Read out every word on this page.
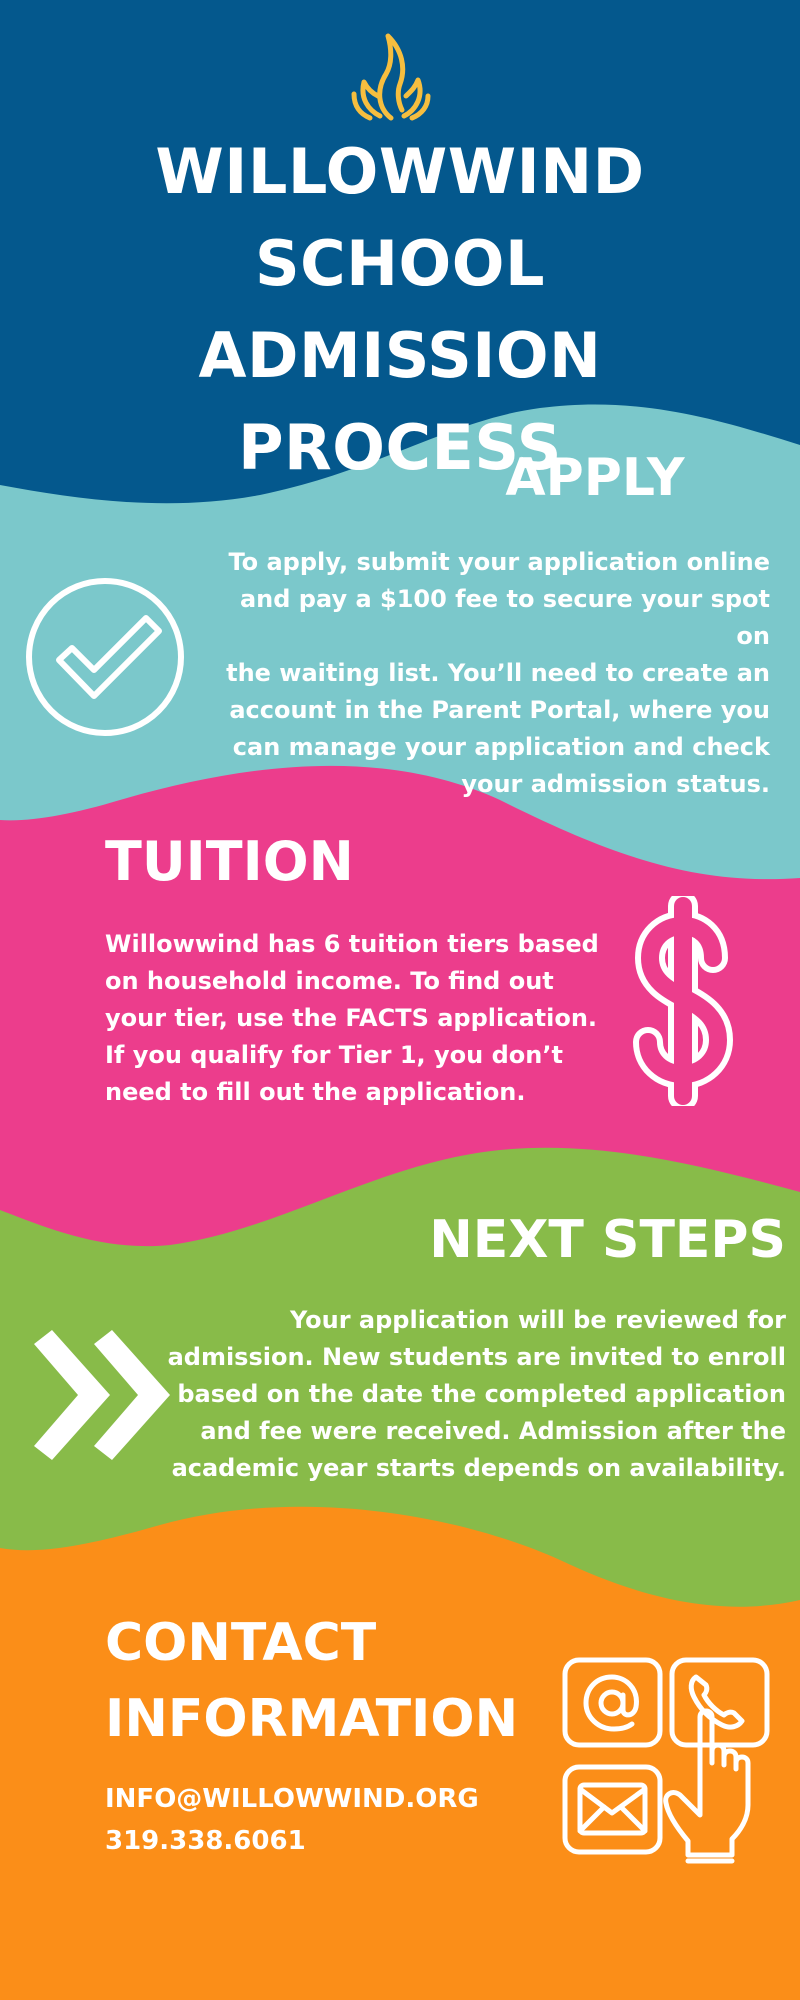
WILLOWWIND SCHOOL
ADMISSION
PROCESS
APPLY
To apply, submit your application online
and pay a $100 fee to secure your spot on
the waiting list. You’ll need to create an
account in the Parent Portal, where you
can manage your application and check
your admission status.
TUITION
Willowwind has 6 tuition tiers based
on household income. To find out
your tier, use the FACTS application.
If you qualify for Tier 1, you don’t
need to fill out the application.
NEXT STEPS
Your application will be reviewed for
admission. New students are invited to enroll
based on the date the completed application
and fee were received. Admission after the
academic year starts depends on availability.
CONTACT
INFORMATION
INFO@WILLOWWIND.ORG
319.338.6061
